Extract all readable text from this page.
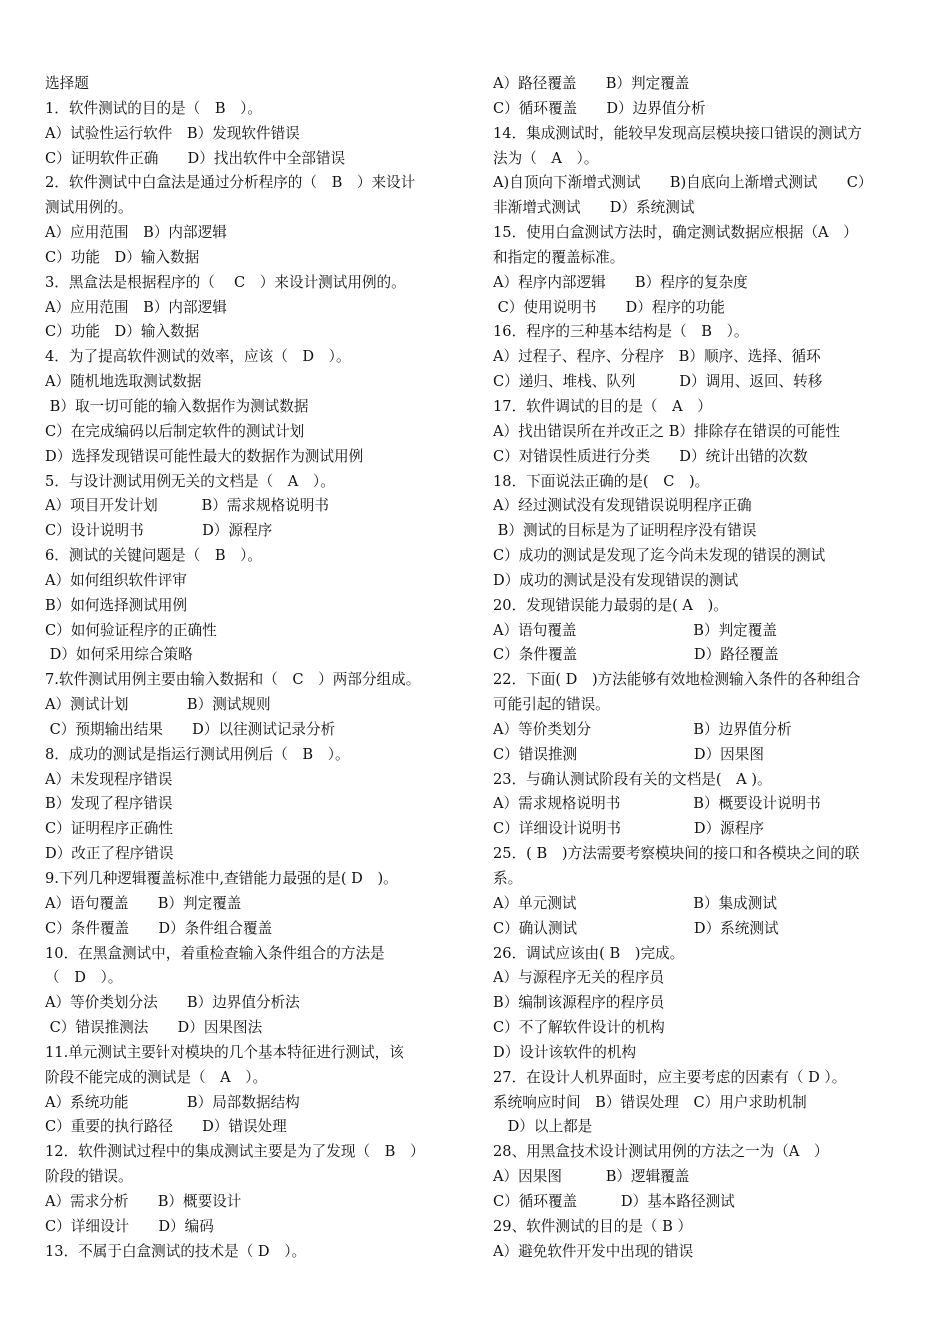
选择题
1．软件测试的目的是（　B　）。
A）试验性运行软件　B）发现软件错误
C）证明软件正确　　D）找出软件中全部错误
2．软件测试中白盒法是通过分析程序的（　B　）来设计
测试用例的。
A）应用范围　B）内部逻辑
C）功能　D）输入数据
3．黑盒法是根据程序的（　 C　）来设计测试用例的。
A）应用范围　B）内部逻辑
C）功能　D）输入数据
4．为了提高软件测试的效率，应该（　D　）。
A）随机地选取测试数据
B）取一切可能的输入数据作为测试数据
C）在完成编码以后制定软件的测试计划
D）选择发现错误可能性最大的数据作为测试用例
5．与设计测试用例无关的文档是（　A　）。
A）项目开发计划　　　B）需求规格说明书
C）设计说明书　　　　D）源程序
6．测试的关键问题是（　B　）。
A）如何组织软件评审
B）如何选择测试用例
C）如何验证程序的正确性
D）如何采用综合策略
7.软件测试用例主要由输入数据和（　C　）两部分组成。
A）测试计划　　　　B）测试规则
C）预期输出结果　　D）以往测试记录分析
8．成功的测试是指运行测试用例后（　B　）。
A）未发现程序错误
B）发现了程序错误
C）证明程序正确性
D）改正了程序错误
9.下列几种逻辑覆盖标准中,查错能力最强的是( D　)。
A）语句覆盖　　B）判定覆盖
C）条件覆盖　　D）条件组合覆盖
10．在黑盒测试中，着重检查输入条件组合的方法是
（　D　）。
A）等价类划分法　　B）边界值分析法
C）错误推测法　　D）因果图法
11.单元测试主要针对模块的几个基本特征进行测试，该
阶段不能完成的测试是（　A　）。
A）系统功能　　　　B）局部数据结构
C）重要的执行路径　　D）错误处理
12．软件测试过程中的集成测试主要是为了发现（　B　）
阶段的错误。
A）需求分析　　B）概要设计
C）详细设计　　D）编码
13．不属于白盒测试的技术是（ D　）。
A）路径覆盖　　B）判定覆盖
C）循环覆盖　　D）边界值分析
14．集成测试时，能较早发现高层模块接口错误的测试方
法为（　A　）。
A)自顶向下渐增式测试　　B)自底向上渐增式测试　　C）
非渐增式测试　　D）系统测试
15．使用白盒测试方法时，确定测试数据应根据（A　）
和指定的覆盖标准。
A）程序内部逻辑　　B）程序的复杂度
C）使用说明书　　D）程序的功能
16．程序的三种基本结构是（　B　）。
A）过程子、程序、分程序　B）顺序、选择、循环
C）递归、堆栈、队列　　　D）调用、返回、转移
17．软件调试的目的是（　A　）
A）找出错误所在并改正之 B）排除存在错误的可能性
C）对错误性质进行分类　　D）统计出错的次数
18．下面说法正确的是(　C　)。
A）经过测试没有发现错误说明程序正确
B）测试的目标是为了证明程序没有错误
C）成功的测试是发现了迄今尚未发现的错误的测试
D）成功的测试是没有发现错误的测试
20．发现错误能力最弱的是( A　)。
A）语句覆盖　　　　　　　　B）判定覆盖
C）条件覆盖　　　　　　　　D）路径覆盖
22．下面( D　)方法能够有效地检测输入条件的各种组合
可能引起的错误。
A）等价类划分　　　　　　　B）边界值分析
C）错误推测　　　　　　　　D）因果图
23．与确认测试阶段有关的文档是(　A )。
A）需求规格说明书　　　　　B）概要设计说明书
C）详细设计说明书　　　　　D）源程序
25．( B　)方法需要考察模块间的接口和各模块之间的联
系。
A）单元测试　　　　　　　　B）集成测试
C）确认测试　　　　　　　　D）系统测试
26．调试应该由( B　)完成。
A）与源程序无关的程序员
B）编制该源程序的程序员
C）不了解软件设计的机构
D）设计该软件的机构
27．在设计人机界面时，应主要考虑的因素有（ D ）。
系统响应时间　B）错误处理　C）用户求助机制
　D）以上都是
28、用黑盒技术设计测试用例的方法之一为（A　）
A）因果图　　　B）逻辑覆盖
C）循环覆盖　　　D）基本路径测试
29、软件测试的目的是（ B ）
A）避免软件开发中出现的错误
